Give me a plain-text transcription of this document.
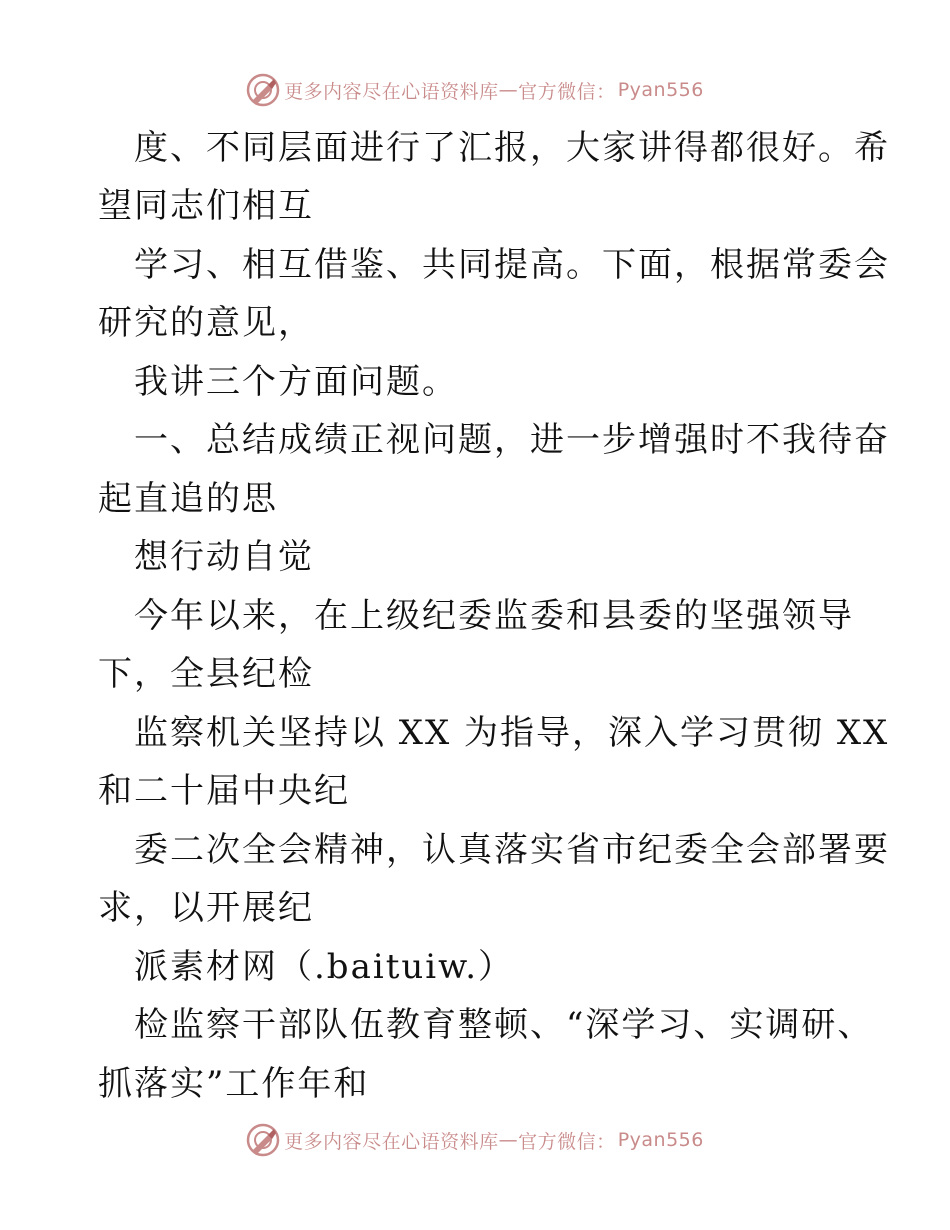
更多内容尽在心语资料库 — 官方微信： Pyan556
度、不同层面进行了汇报，大家讲得都很好。希
望同志们相互
学习、相互借鉴、共同提高。下面，根据常委会
研究的意见，
我讲三个方面问题。
一、总结成绩正视问题，进一步增强时不我待奋
起直追的思
想行动自觉
今年以来，在上级纪委监委和县委的坚强领导
下，全县纪检
监察机关坚持以 XX 为指导，深入学习贯彻 XX
和二十届中央纪
委二次全会精神，认真落实省市纪委全会部署要
求，以开展纪
派素材网（.baituiw.）
检监察干部队伍教育整顿、“深学习、实调研、
抓落实”工作年和
更多内容尽在心语资料库 — 官方微信： Pyan556
